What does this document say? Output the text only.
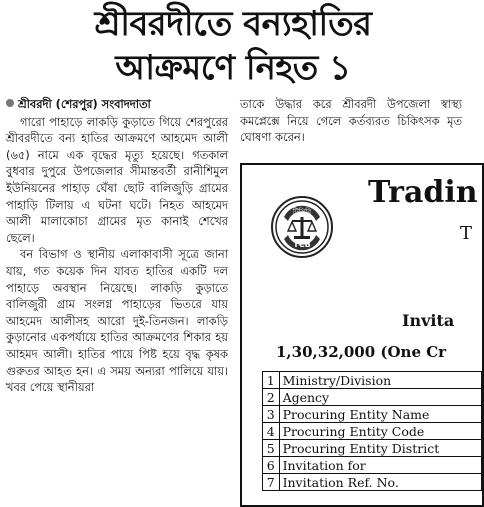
শ্রীবরদীতে বন্যহাতির
আক্রমণে নিহত ১
শ্রীবরদী (শেরপুর) সংবাদদাতা

গারো পাহাড়ে লাকড়ি কুড়াতে গিয়ে শেরপুরের শ্রীবরদীতে বন্য হাতির আক্রমণে আহমেদ আলী (৬৫) নামে এক বৃদ্ধের মৃত্যু হয়েছে। গতকাল বুধবার দুপুরে উপজেলার সীমান্তবর্তী রানীশিমুল ইউনিয়নের পাহাড় ঘেঁষা ছোট বালিজুড়ি গ্রামের পাহাড়ি টিলায় এ ঘটনা ঘটে। নিহত আহমেদ আলী মালাকোচা গ্রামের মৃত কানাই শেখের ছেলে।

বন বিভাগ ও স্থানীয় এলাকাবাসী সূত্রে জানা যায়, গত কয়েক দিন যাবত হাতির একটি দল পাহাড়ে অবস্থান নিয়েছে। লাকড়ি কুড়াতে বালিজুরী গ্রাম সংলগ্ন পাহাড়ের ভিতরে যায় আহমেদ আলীসহ আরো দুই-তিনজন। লাকড়ি কুড়ানোর একপর্যায়ে হাতির আক্রমণের শিকার হয় আহমদ আলী। হাতির পায়ে পিষ্ট হয়ে বৃদ্ধ কৃষক গুরুতর আহত হন। এ সময় অন্যরা পালিয়ে যায়। খবর পেয়ে স্থানীয়রা

তাকে উদ্ধার করে শ্রীবরদী উপজেলা স্বাস্থ্য কমপ্লেক্সে নিয়ে গেলে কর্তব্যরত চিকিৎসক মৃত ঘোষণা করেন।
Tradin
T
টিসিবি
TCB
Invita
1,30,32,000 (One Cr
1	Ministry/Division
2	Agency
3	Procuring Entity Name
4	Procuring Entity Code
5	Procuring Entity District
6	Invitation for
7	Invitation Ref. No.
